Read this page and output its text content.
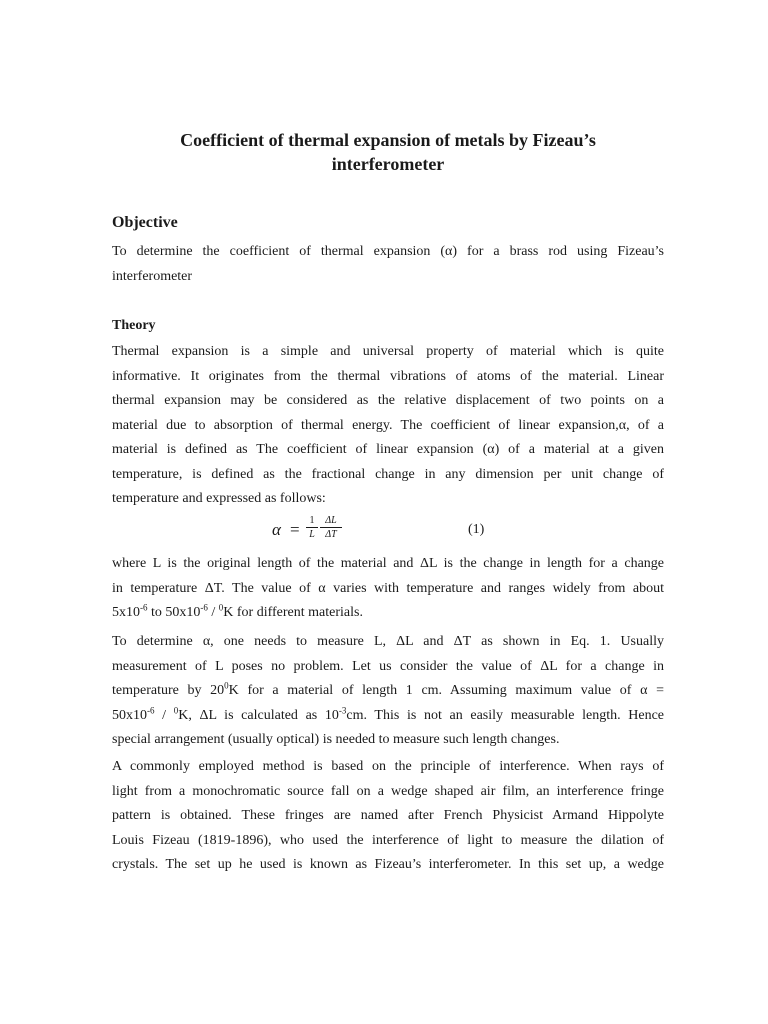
Coefficient of thermal expansion of metals by Fizeau’s
interferometer
Objective
To determine the coefficient of thermal expansion (α) for a brass rod using Fizeau’s
interferometer
Theory
Thermal expansion is a simple and universal property of material which is quite
informative. It originates from the thermal vibrations of atoms of the material. Linear
thermal expansion may be considered as the relative displacement of two points on a
material due to absorption of thermal energy. The coefficient of linear expansion,α, of a
material is defined as The coefficient of linear expansion (α) of a material at a given
temperature, is defined as the fractional change in any dimension per unit change of
temperature and expressed as follows:
$\alpha = \frac{1}{L} \frac{\Delta L}{\Delta T}$	(1)
where L is the original length of the material and ΔL is the change in length for a change
in temperature ΔT. The value of α varies with temperature and ranges widely from about
$5x10^{-6}$ to $50x10^{-6} / ^0K$ for different materials.
To determine α, one needs to measure L, ΔL and ΔT as shown in Eq. 1. Usually
measurement of L poses no problem. Let us consider the value of ΔL for a change in
temperature by $20^0K$ for a material of length 1 cm. Assuming maximum value of α =
$50x10^{-6} / ^0K$, ΔL is calculated as $10^{-3}cm$. This is not an easily measurable length. Hence
special arrangement (usually optical) is needed to measure such length changes.
A commonly employed method is based on the principle of interference. When rays of
light from a monochromatic source fall on a wedge shaped air film, an interference fringe
pattern is obtained. These fringes are named after French Physicist Armand Hippolyte
Louis Fizeau (1819-1896), who used the interference of light to measure the dilation of
crystals. The set up he used is known as Fizeau’s interferometer. In this set up, a wedge
